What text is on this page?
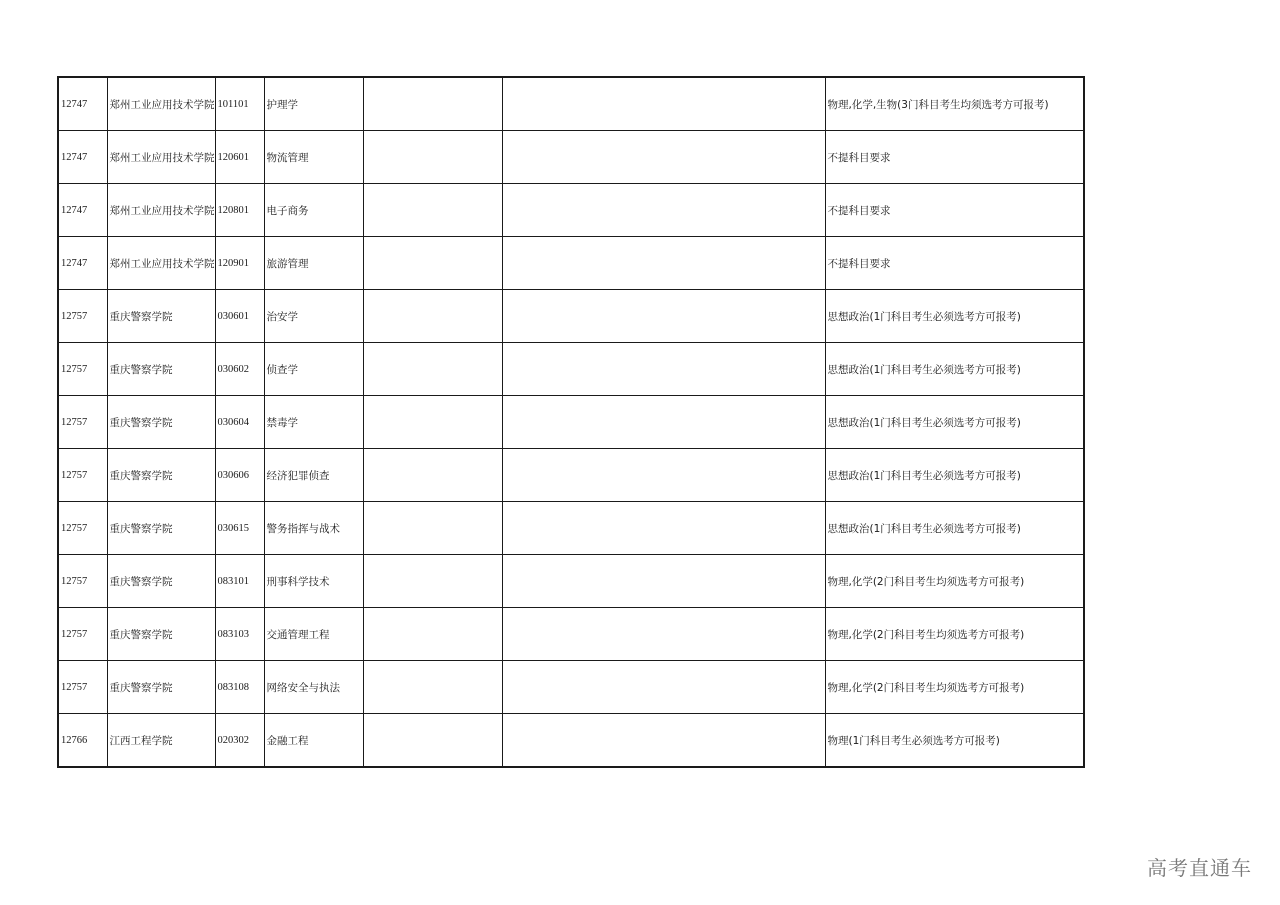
12747	郑州工业应用技术学院	101101	护理学			物理,化学,生物(3门科目考生均须选考方可报考)
12747	郑州工业应用技术学院	120601	物流管理			不提科目要求
12747	郑州工业应用技术学院	120801	电子商务			不提科目要求
12747	郑州工业应用技术学院	120901	旅游管理			不提科目要求
12757	重庆警察学院	030601	治安学			思想政治(1门科目考生必须选考方可报考)
12757	重庆警察学院	030602	侦查学			思想政治(1门科目考生必须选考方可报考)
12757	重庆警察学院	030604	禁毒学			思想政治(1门科目考生必须选考方可报考)
12757	重庆警察学院	030606	经济犯罪侦查			思想政治(1门科目考生必须选考方可报考)
12757	重庆警察学院	030615	警务指挥与战术			思想政治(1门科目考生必须选考方可报考)
12757	重庆警察学院	083101	刑事科学技术			物理,化学(2门科目考生均须选考方可报考)
12757	重庆警察学院	083103	交通管理工程			物理,化学(2门科目考生均须选考方可报考)
12757	重庆警察学院	083108	网络安全与执法			物理,化学(2门科目考生均须选考方可报考)
12766	江西工程学院	020302	金融工程			物理(1门科目考生必须选考方可报考)
高考直通车
